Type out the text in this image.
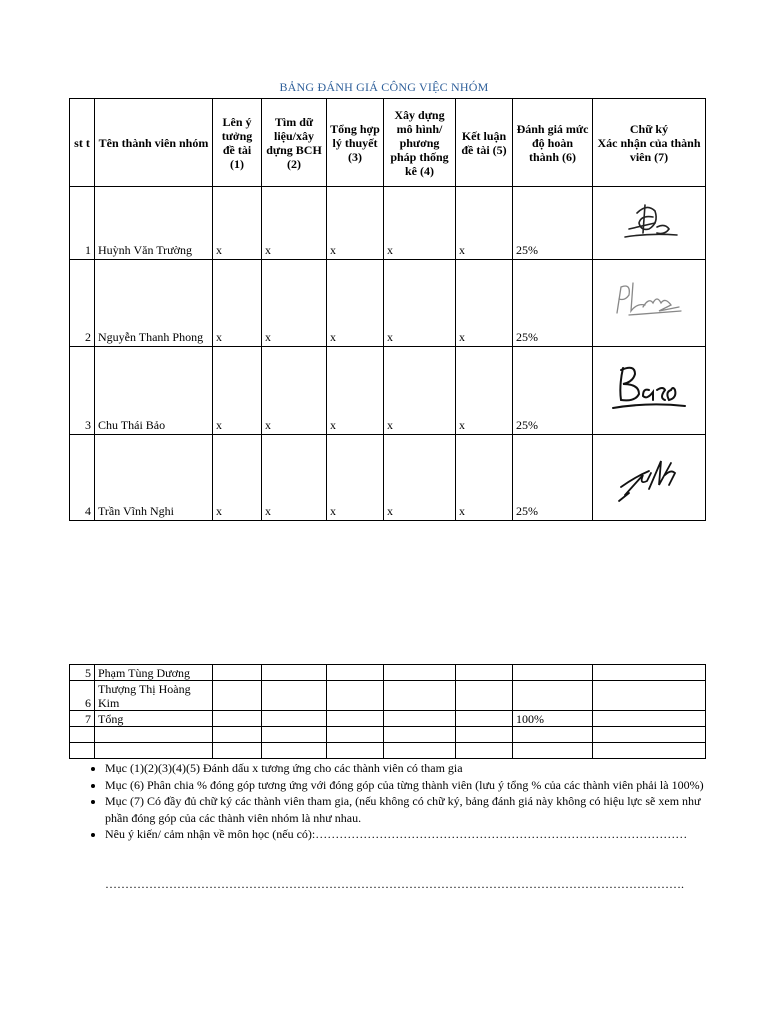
BẢNG ĐÁNH GIÁ CÔNG VIỆC NHÓM
st t	Tên thành viên nhóm	Lên ý tưởng đề tài (1)	Tìm dữ liệu/xây dựng BCH (2)	Tổng hợp lý thuyết (3)	Xây dựng mô hình/ phương pháp thống kê (4)	Kết luận đề tài (5)	Đánh giá mức độ hoàn thành (6)	Chữ ký
Xác nhận của thành viên (7)
1	Huỳnh Văn Trường	x	x	x	x	x	25%	

2	Nguyễn Thanh Phong	x	x	x	x	x	25%	

3	Chu Thái Bảo	x	x	x	x	x	25%	

4	Trần Vĩnh Nghi	x	x	x	x	x	25%	
5	Phạm Tùng Dương							
6	Thượng Thị Hoàng Kim							
7	Tổng						100%	

• Mục (1)(2)(3)(4)(5) Đánh dấu x tương ứng cho các thành viên có tham gia
• Mục (6) Phân chia % đóng góp tương ứng với đóng góp của từng thành viên (lưu ý tổng % của các thành viên phải là 100%)
• Mục (7) Có đầy đủ chữ ký các thành viên tham gia, (nếu không có chữ ký, bảng đánh giá này không có hiệu lực sẽ xem như phần đóng góp của các thành viên nhóm là như nhau.
• Nêu ý kiến/ cảm nhận về môn học (nếu có):…………………………………………………………………………………
……………………………………………………………………………………………………………………………….
